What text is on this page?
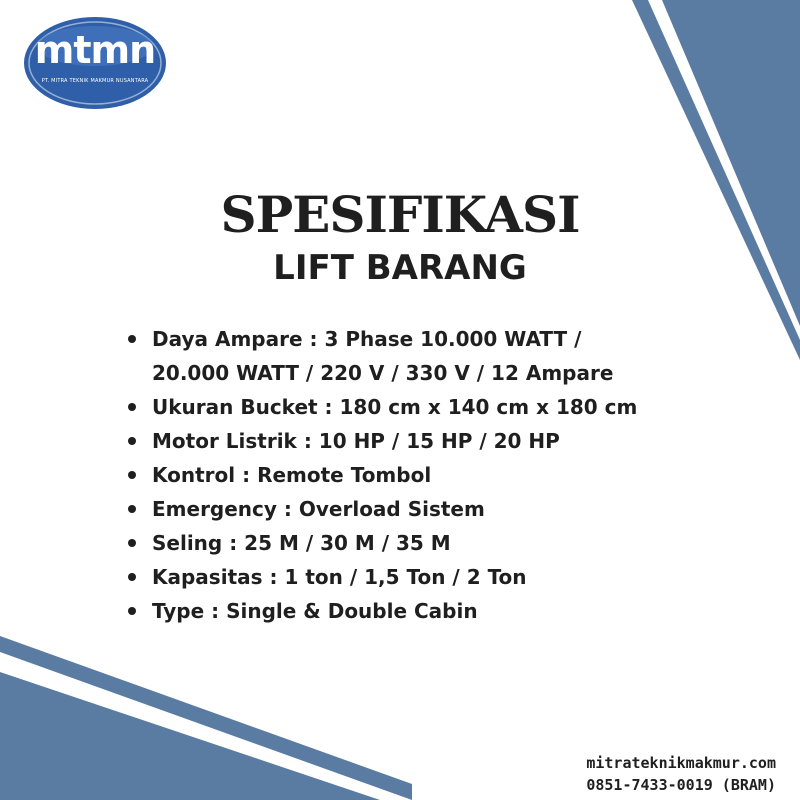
mtmn
PT. MITRA TEKNIK MAKMUR NUSANTARA
SPESIFIKASI
LIFT BARANG
Daya Ampare : 3 Phase 10.000 WATT /
20.000 WATT / 220 V / 330 V / 12 Ampare
Ukuran Bucket : 180 cm x 140 cm x 180 cm
Motor Listrik : 10 HP / 15 HP / 20 HP
Kontrol : Remote Tombol
Emergency : Overload Sistem
Seling : 25 M / 30 M / 35 M
Kapasitas : 1 ton / 1,5 Ton / 2 Ton
Type : Single & Double Cabin
mitrateknikmakmur.com
0851-7433-0019 (BRAM)
